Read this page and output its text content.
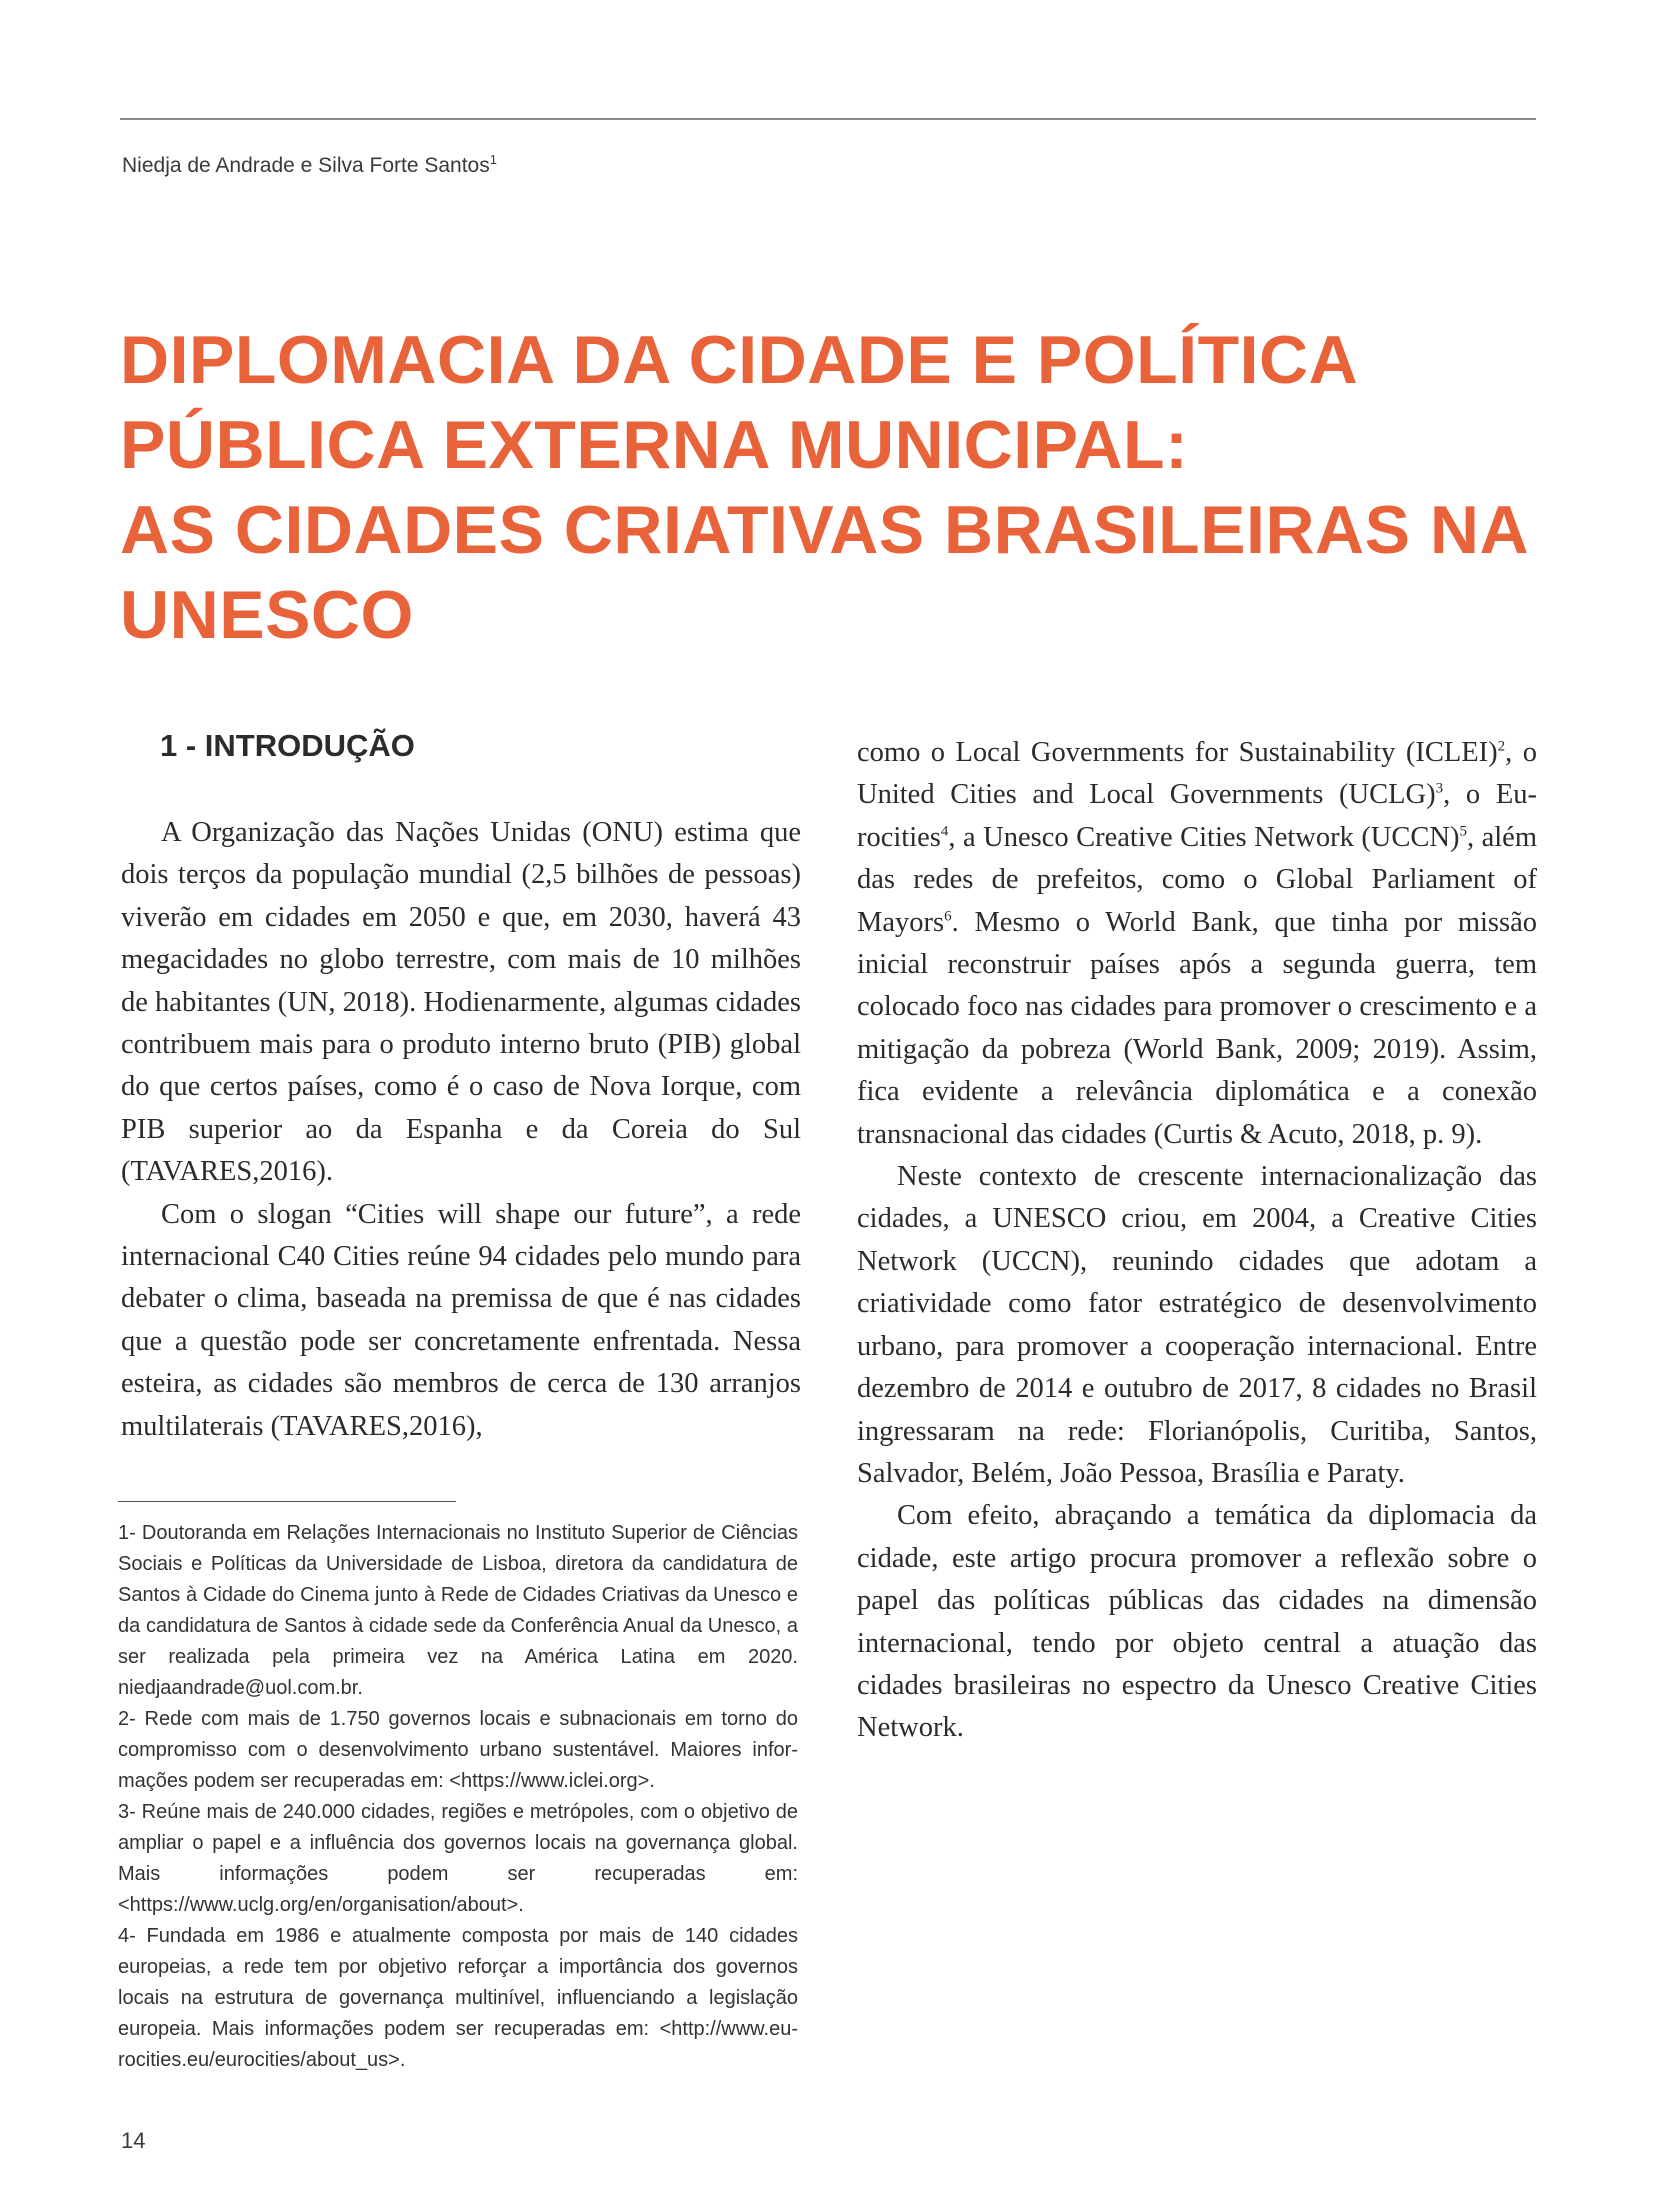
Niedja de Andrade e Silva Forte Santos$^1$
DIPLOMACIA DA CIDADE E POLÍTICA
PÚBLICA EXTERNA MUNICIPAL:
AS CIDADES CRIATIVAS BRASILEIRAS NA
UNESCO
1 - INTRODUÇÃO

A Organização das Nações Unidas (ONU) estima que dois terços da população mundial (2,5 bilhões de pessoas) viverão em cidades em 2050 e que, em 2030, haverá 43 megacidades no globo terrestre, com mais de 10 milhões de habitantes (UN, 2018). Hodienarmente, algumas cidades contribuem mais para o produto interno bruto (PIB) global do que certos países, como é o caso de Nova Iorque, com PIB superior ao da Espanha e da Coreia do Sul (TAVARES,2016).

Com o slogan “Cities will shape our future”, a rede internacional C40 Cities reúne 94 cidades pelo mundo para debater o clima, baseada na premissa de que é nas cidades que a questão pode ser concretamente enfrentada. Nessa esteira, as cidades são membros de cerca de 130 arranjos multilaterais (TAVARES,2016),

como o Local Governments for Sustainability (ICLEI)$^2$, o United Cities and Local Governments (UCLG)$^3$, o Eurocities$^4$, a Unesco Creative Cities Network (UCCN)$^5$, além das redes de prefeitos, como o Global Parliament of Mayors$^6$. Mesmo o World Bank, que tinha por missão inicial reconstruir países após a segunda guerra, tem colocado foco nas cidades para promover o crescimento e a mitigação da pobreza (World Bank, 2009; 2019). Assim, fica evidente a relevância diplomática e a conexão transnacional das cidades (Curtis & Acuto, 2018, p. 9).

Neste contexto de crescente internacionalização das cidades, a UNESCO criou, em 2004, a Creative Cities Network (UCCN), reunindo cidades que adotam a criatividade como fator estratégico de desenvolvimento urbano, para promover a cooperação internacional. Entre dezembro de 2014 e outubro de 2017, 8 cidades no Brasil ingressaram na rede: Florianópolis, Curitiba, Santos, Salvador, Belém, João Pessoa, Brasília e Paraty.

Com efeito, abraçando a temática da diplomacia da cidade, este artigo procura promover a reflexão sobre o papel das políticas públicas das cidades na dimensão internacional, tendo por objeto central a atuação das cidades brasileiras no espectro da Unesco Creative Cities Network.

1- Doutoranda em Relações Internacionais no Instituto Superior de Ciências Sociais e Políticas da Universidade de Lisboa, diretora da candidatura de Santos à Cidade do Cinema junto à Rede de Cidades Criativas da Unesco e da candidatura de Santos à cidade sede da Conferência Anual da Unesco, a ser realizada pela primeira vez na América Latina em 2020. niedjaandrade@uol.com.br.

2- Rede com mais de 1.750 governos locais e subnacionais em torno do compromisso com o desenvolvimento urbano sustentável. Maiores informações podem ser recuperadas em: <https://www.iclei.org>.

3- Reúne mais de 240.000 cidades, regiões e metrópoles, com o objetivo de ampliar o papel e a influência dos governos locais na governança global. Mais informações podem ser recuperadas em: <https://www.uclg.org/en/organisation/about>.

4- Fundada em 1986 e atualmente composta por mais de 140 cidades europeias, a rede tem por objetivo reforçar a importância dos governos locais na estrutura de governança multinível, influenciando a legislação europeia. Mais informações podem ser recuperadas em: <http://www.eurocities.eu/eurocities/about_us>.

14
